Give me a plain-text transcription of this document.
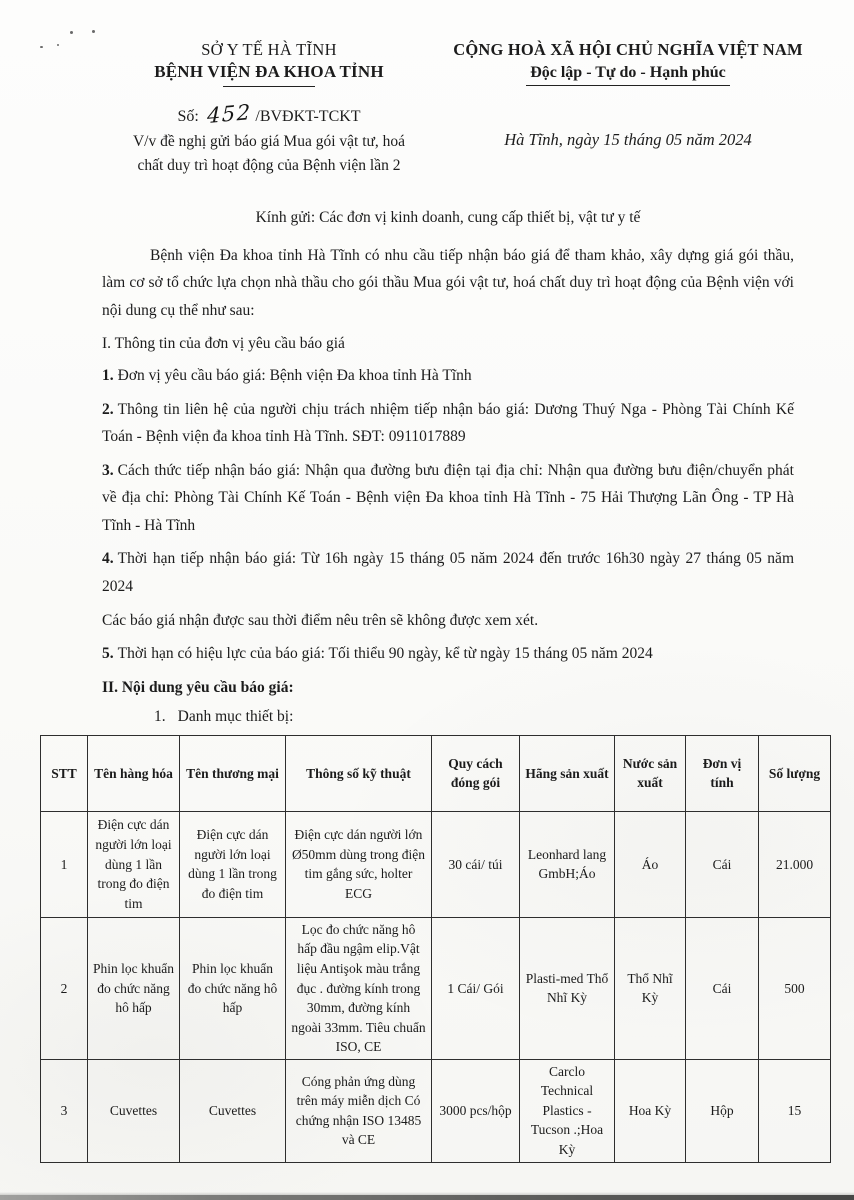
SỞ Y TẾ HÀ TĨNH
BỆNH VIỆN ĐA KHOA TỈNH
Số: 452 /BVĐKT-TCKT
V/v đề nghị gửi báo giá Mua gói vật tư, hoá chất duy trì hoạt động của Bệnh viện lần 2
CỘNG HOÀ XÃ HỘI CHỦ NGHĨA VIỆT NAM
Độc lập - Tự do - Hạnh phúc
Hà Tĩnh, ngày 15 tháng 05 năm 2024
Kính gửi: Các đơn vị kinh doanh, cung cấp thiết bị, vật tư y tế

Bệnh viện Đa khoa tỉnh Hà Tĩnh có nhu cầu tiếp nhận báo giá để tham khảo, xây dựng giá gói thầu, làm cơ sở tổ chức lựa chọn nhà thầu cho gói thầu Mua gói vật tư, hoá chất duy trì hoạt động của Bệnh viện với nội dung cụ thể như sau:

I. Thông tin của đơn vị yêu cầu báo giá

1. Đơn vị yêu cầu báo giá: Bệnh viện Đa khoa tỉnh Hà Tĩnh

2. Thông tin liên hệ của người chịu trách nhiệm tiếp nhận báo giá: Dương Thuý Nga - Phòng Tài Chính Kế Toán - Bệnh viện đa khoa tỉnh Hà Tĩnh. SĐT: 0911017889

3. Cách thức tiếp nhận báo giá: Nhận qua đường bưu điện tại địa chỉ: Nhận qua đường bưu điện/chuyển phát về địa chỉ: Phòng Tài Chính Kế Toán - Bệnh viện Đa khoa tỉnh Hà Tĩnh - 75 Hải Thượng Lãn Ông - TP Hà Tĩnh - Hà Tĩnh

4. Thời hạn tiếp nhận báo giá: Từ 16h ngày 15 tháng 05 năm 2024 đến trước 16h30 ngày 27 tháng 05 năm 2024

Các báo giá nhận được sau thời điểm nêu trên sẽ không được xem xét.

5. Thời hạn có hiệu lực của báo giá: Tối thiểu 90 ngày, kể từ ngày 15 tháng 05 năm 2024

II. Nội dung yêu cầu báo giá:

1. Danh mục thiết bị:

STT	Tên hàng hóa	Tên thương mại	Thông số kỹ thuật	Quy cách đóng gói	Hãng sản xuất	Nước sản xuất	Đơn vị tính	Số lượng
1	Điện cực dán người lớn loại dùng 1 lần trong đo điện tim	Điện cực dán người lớn loại dùng 1 lần trong đo điện tim	Điện cực dán người lớn Ø50mm dùng trong điện tim gắng sức, holter ECG	30 cái/ túi	Leonhard lang GmbH;Áo	Áo	Cái	21.000
2	Phin lọc khuẩn đo chức năng hô hấp	Phin lọc khuẩn đo chức năng hô hấp	Lọc đo chức năng hô hấp đầu ngậm elip.Vật liệu Antişok màu trắng đục . đường kính trong 30mm, đường kính ngoài 33mm. Tiêu chuẩn ISO, CE	1 Cái/ Gói	Plasti-med Thổ Nhĩ Kỳ	Thổ Nhĩ Kỳ	Cái	500
3	Cuvettes	Cuvettes	Cóng phản ứng dùng trên máy miễn dịch Có chứng nhận ISO 13485 và CE	3000 pcs/hộp	Carclo Technical Plastics - Tucson .;Hoa Kỳ	Hoa Kỳ	Hộp	15
